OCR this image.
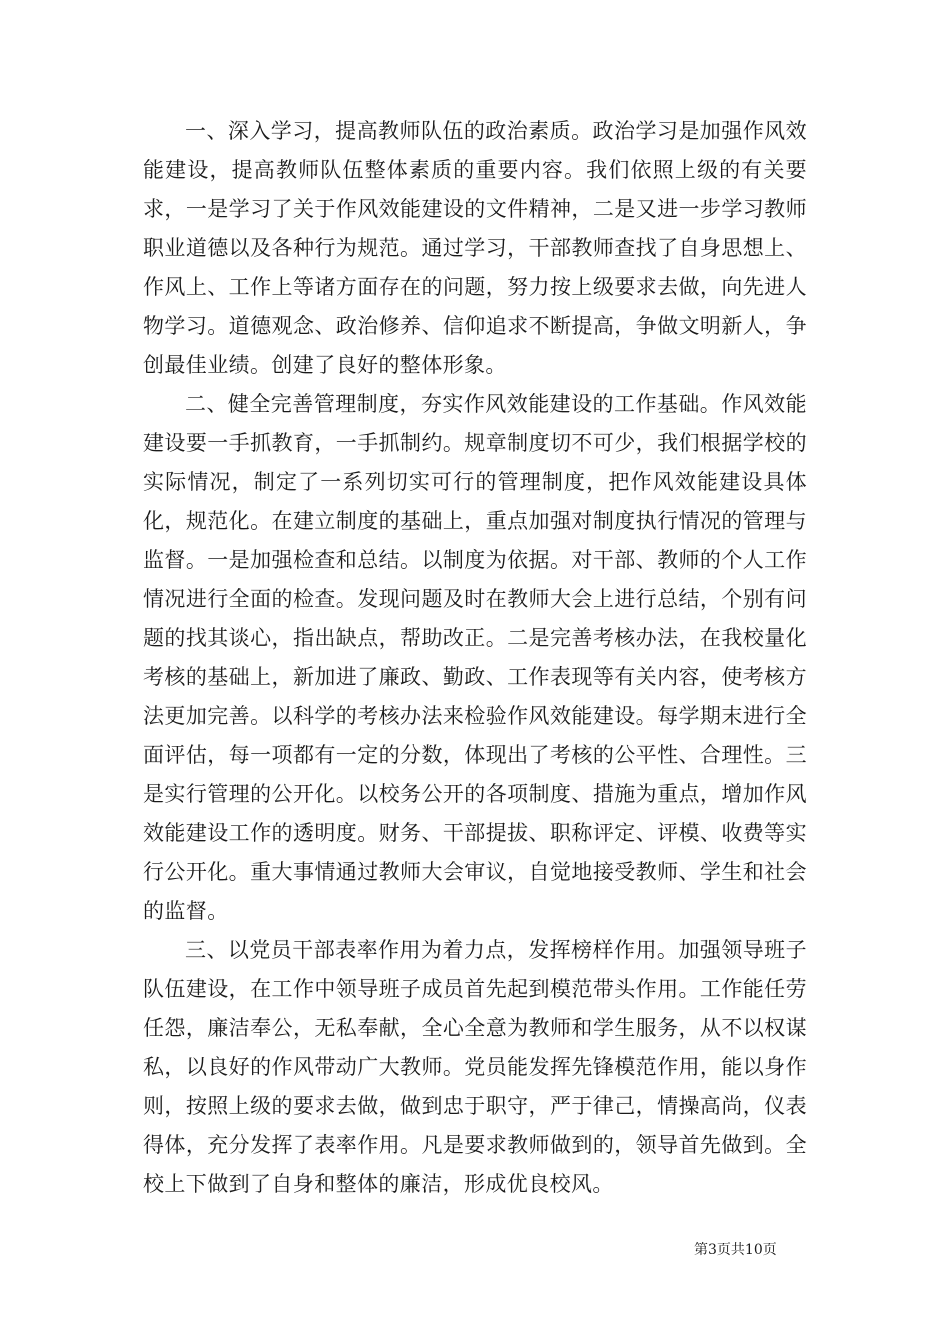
一、深入学习，提高教师队伍的政治素质。政治学习是加强作风效能建设，提高教师队伍整体素质的重要内容。我们依照上级的有关要求，一是学习了关于作风效能建设的文件精神，二是又进一步学习教师职业道德以及各种行为规范。通过学习，干部教师查找了自身思想上、作风上、工作上等诸方面存在的问题，努力按上级要求去做，向先进人物学习。道德观念、政治修养、信仰追求不断提高，争做文明新人，争创最佳业绩。创建了良好的整体形象。

二、健全完善管理制度，夯实作风效能建设的工作基础。作风效能建设要一手抓教育，一手抓制约。规章制度切不可少，我们根据学校的实际情况，制定了一系列切实可行的管理制度，把作风效能建设具体化，规范化。在建立制度的基础上，重点加强对制度执行情况的管理与监督。一是加强检查和总结。以制度为依据。对干部、教师的个人工作情况进行全面的检查。发现问题及时在教师大会上进行总结，个别有问题的找其谈心，指出缺点，帮助改正。二是完善考核办法，在我校量化考核的基础上，新加进了廉政、勤政、工作表现等有关内容，使考核方法更加完善。以科学的考核办法来检验作风效能建设。每学期末进行全面评估，每一项都有一定的分数，体现出了考核的公平性、合理性。三是实行管理的公开化。以校务公开的各项制度、措施为重点，增加作风效能建设工作的透明度。财务、干部提拔、职称评定、评模、收费等实行公开化。重大事情通过教师大会审议，自觉地接受教师、学生和社会的监督。

三、以党员干部表率作用为着力点，发挥榜样作用。加强领导班子队伍建设，在工作中领导班子成员首先起到模范带头作用。工作能任劳任怨，廉洁奉公，无私奉献，全心全意为教师和学生服务，从不以权谋私，以良好的作风带动广大教师。党员能发挥先锋模范作用，能以身作则，按照上级的要求去做，做到忠于职守，严于律己，情操高尚，仪表得体，充分发挥了表率作用。凡是要求教师做到的，领导首先做到。全校上下做到了自身和整体的廉洁，形成优良校风。

第3页共10页
